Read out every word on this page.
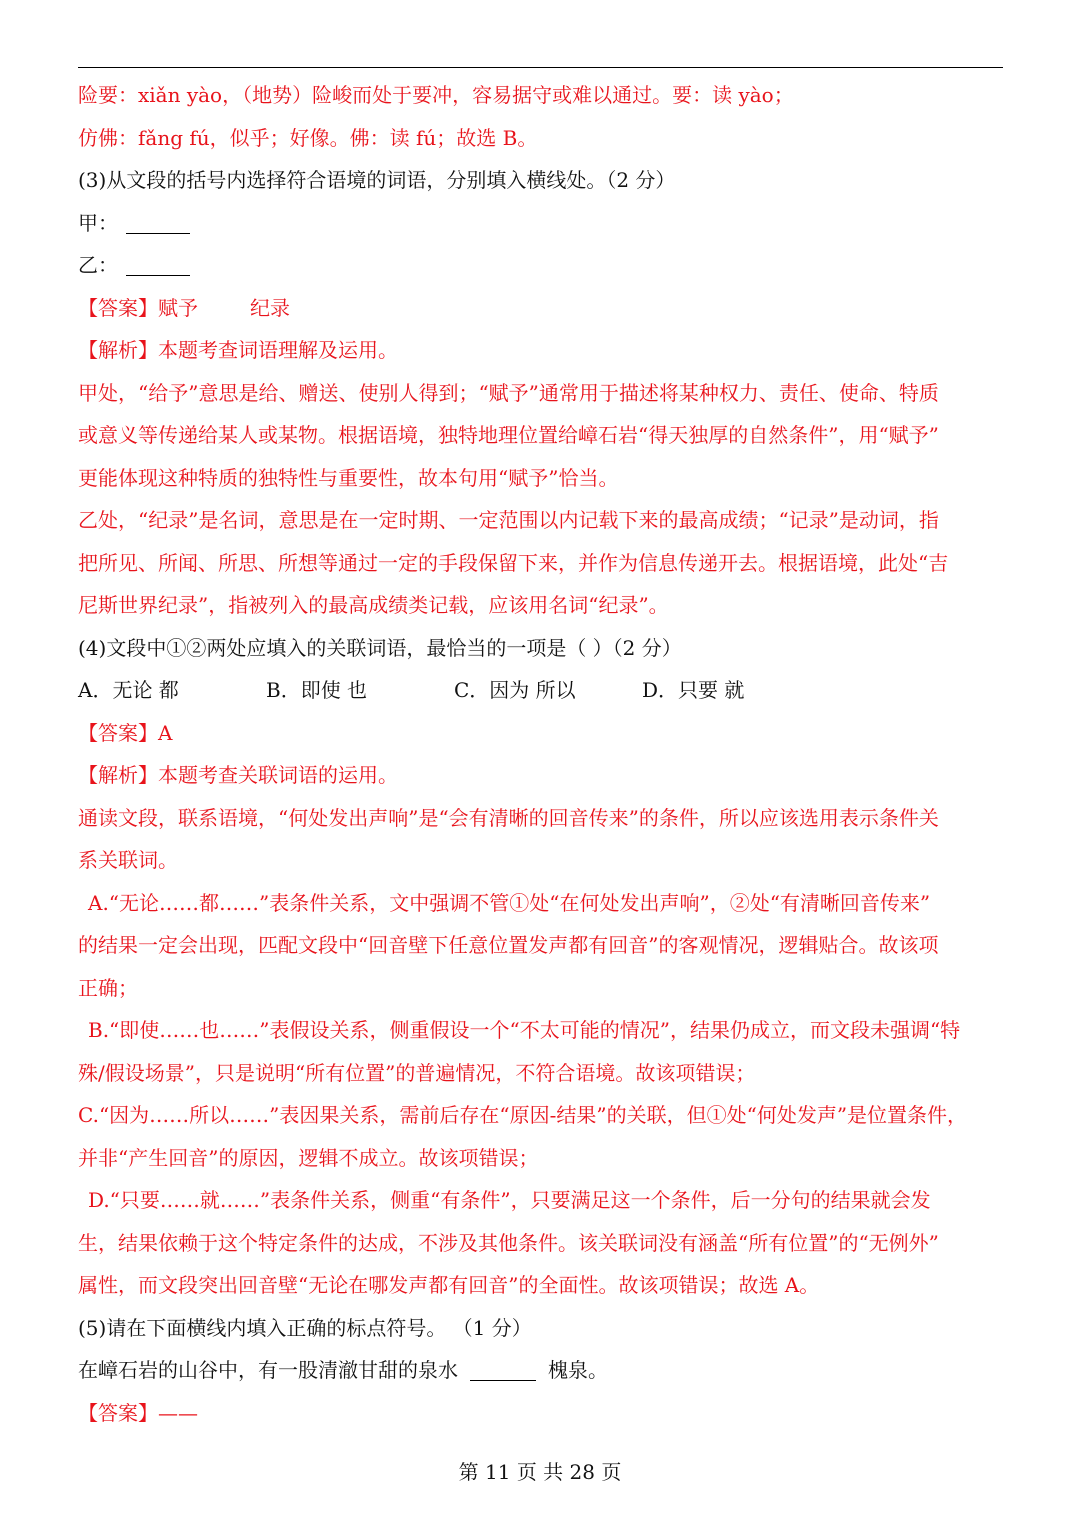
险要：xiǎn yào，（地势）险峻而处于要冲，容易据守或难以通过。要：读 yào；
仿佛：fǎng fú，似乎；好像。佛：读 fú；故选 B。
(3)从文段的括号内选择符合语境的词语，分别填入横线处。（2 分）
甲：
乙：
【答案】赋予	纪录
【解析】本题考查词语理解及运用。
甲处，“给予”意思是给、赠送、使别人得到；“赋予”通常用于描述将某种权力、责任、使命、特质
或意义等传递给某人或某物。根据语境，独特地理位置给嶂石岩“得天独厚的自然条件”，用“赋予”
更能体现这种特质的独特性与重要性，故本句用“赋予”恰当。
乙处，“纪录”是名词，意思是在一定时期、一定范围以内记载下来的最高成绩；“记录”是动词，指
把所见、所闻、所思、所想等通过一定的手段保留下来，并作为信息传递开去。根据语境，此处“吉
尼斯世界纪录”，指被列入的最高成绩类记载，应该用名词“纪录”。
(4)文段中①②两处应填入的关联词语，最恰当的一项是（ ）（2 分）
A．无论 都	B．即使 也	C．因为 所以	D．只要 就
【答案】A
【解析】本题考查关联词语的运用。
通读文段，联系语境，“何处发出声响”是“会有清晰的回音传来”的条件，所以应该选用表示条件关
系关联词。
A.“无论……都……”表条件关系，文中强调不管①处“在何处发出声响”，②处“有清晰回音传来”
的结果一定会出现，匹配文段中“回音壁下任意位置发声都有回音”的客观情况，逻辑贴合。故该项
正确；
B.“即使……也……”表假设关系，侧重假设一个“不太可能的情况”，结果仍成立，而文段未强调“特
殊/假设场景”，只是说明“所有位置”的普遍情况，不符合语境。故该项错误；
C.“因为……所以……”表因果关系，需前后存在“原因-结果”的关联，但①处“何处发声”是位置条件，
并非“产生回音”的原因，逻辑不成立。故该项错误；
D.“只要……就……”表条件关系，侧重“有条件”，只要满足这一个条件，后一分句的结果就会发
生，结果依赖于这个特定条件的达成，不涉及其他条件。该关联词没有涵盖“所有位置”的“无例外”
属性，而文段突出回音壁“无论在哪发声都有回音”的全面性。故该项错误；故选 A。
(5)请在下面横线内填入正确的标点符号。 （1 分）
在嶂石岩的山谷中，有一股清澈甘甜的泉水	槐泉。
【答案】——
第 11 页 共 28 页
